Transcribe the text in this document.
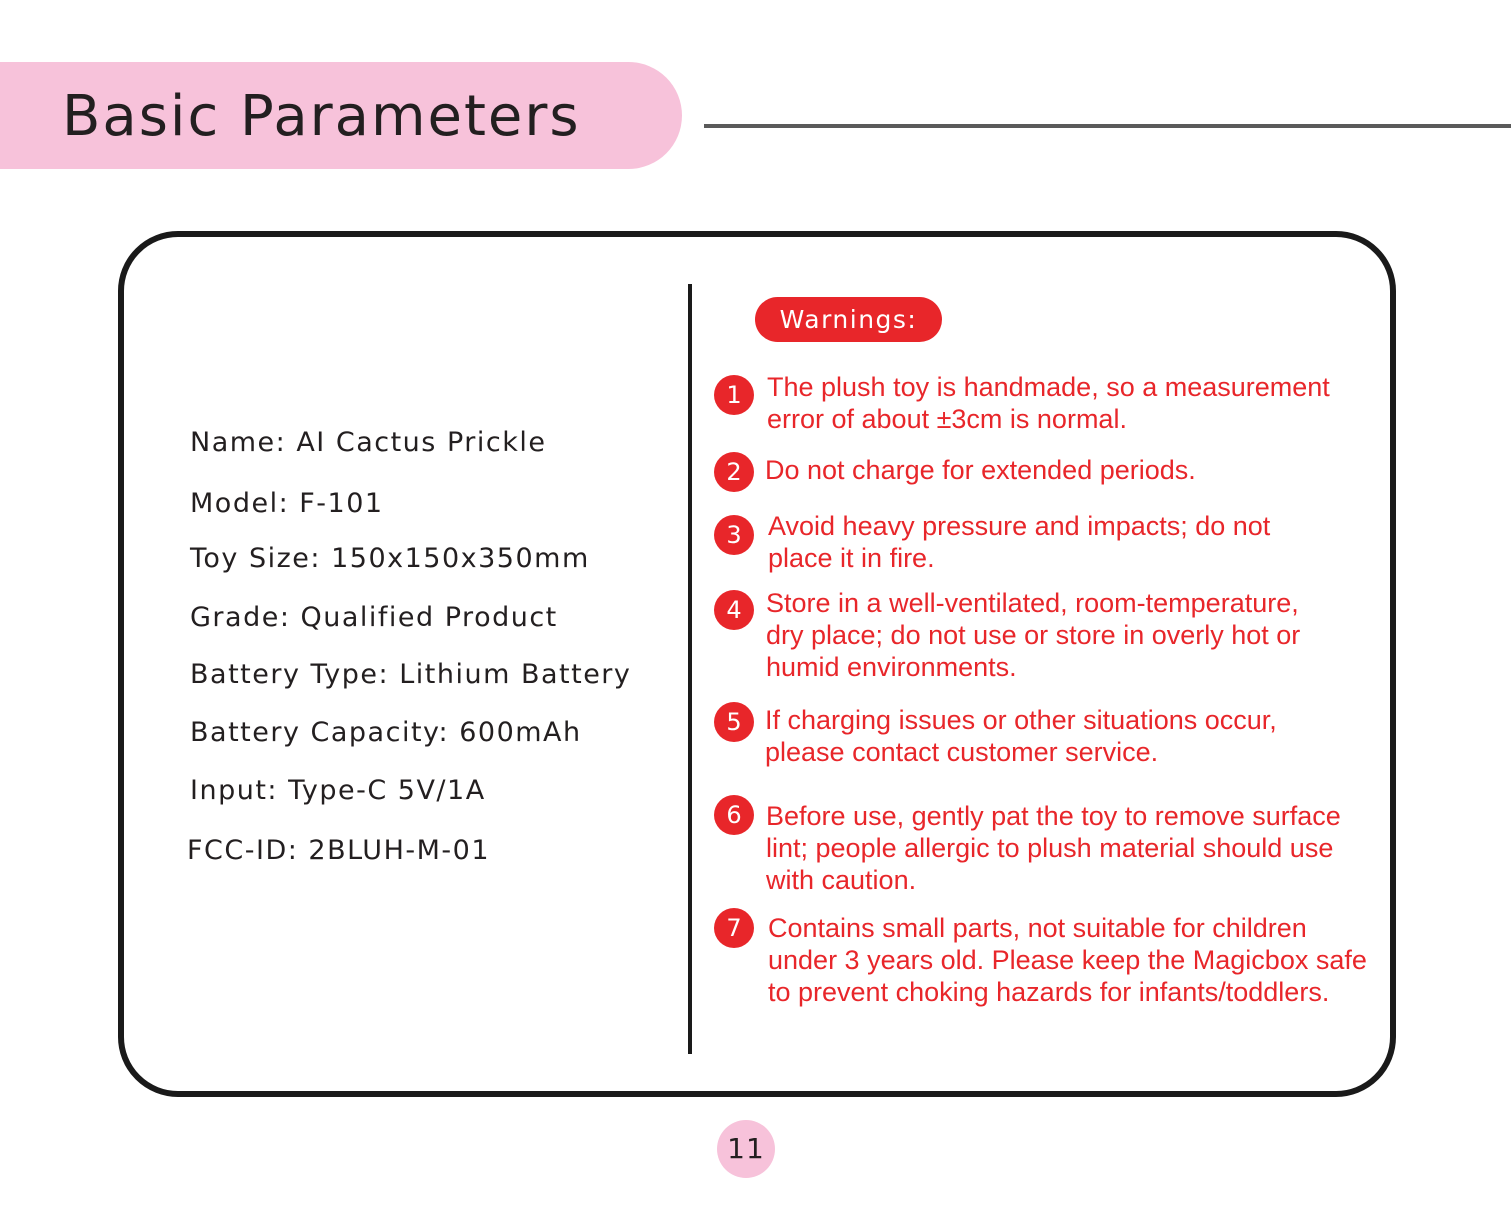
Basic Parameters
Name: AI Cactus Prickle
Model: F-101
Toy Size: 150x150x350mm
Grade: Qualified Product
Battery Type: Lithium Battery
Battery Capacity: 600mAh
Input: Type-C 5V/1A
FCC-ID: 2BLUH-M-01
Warnings:
1 The plush toy is handmade, so a measurement
error of about ±3cm is normal.
2 Do not charge for extended periods.
3 Avoid heavy pressure and impacts; do not
place it in fire.
4 Store in a well-ventilated, room-temperature,
dry place; do not use or store in overly hot or
humid environments.
5 If charging issues or other situations occur,
please contact customer service.
6 Before use, gently pat the toy to remove surface
lint; people allergic to plush material should use
with caution.
7 Contains small parts, not suitable for children
under 3 years old. Please keep the Magicbox safe
to prevent choking hazards for infants/toddlers.
11
